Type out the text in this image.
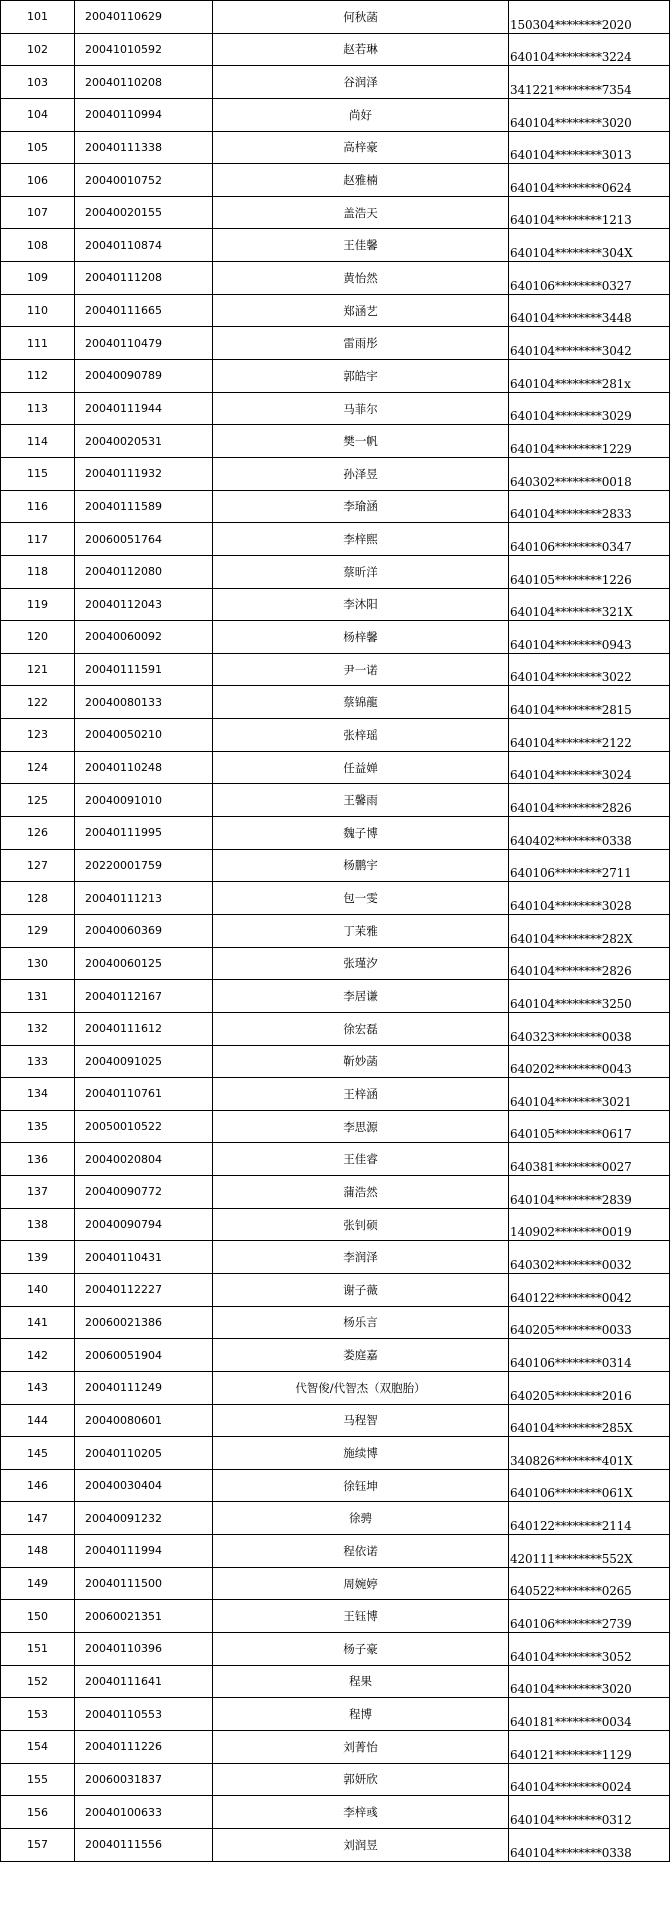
101	20040110629	何秋菡	150304********2020
102	20041010592	赵若琳	640104********3224
103	20040110208	谷润泽	341221********7354
104	20040110994	尚好	640104********3020
105	20040111338	高梓豪	640104********3013
106	20040010752	赵雅楠	640104********0624
107	20040020155	盖浩天	640104********1213
108	20040110874	王佳馨	640104********304X
109	20040111208	黄怡然	640106********0327
110	20040111665	郑涵艺	640104********3448
111	20040110479	雷雨彤	640104********3042
112	20040090789	郭皓宇	640104********281x
113	20040111944	马菲尔	640104********3029
114	20040020531	樊一帆	640104********1229
115	20040111932	孙泽昱	640302********0018
116	20040111589	李瑜涵	640104********2833
117	20060051764	李梓熙	640106********0347
118	20040112080	蔡昕洋	640105********1226
119	20040112043	李沐阳	640104********321X
120	20040060092	杨梓馨	640104********0943
121	20040111591	尹一诺	640104********3022
122	20040080133	蔡锦龍	640104********2815
123	20040050210	张梓瑶	640104********2122
124	20040110248	任益婵	640104********3024
125	20040091010	王馨雨	640104********2826
126	20040111995	魏子博	640402********0338
127	20220001759	杨鹏宇	640106********2711
128	20040111213	包一雯	640104********3028
129	20040060369	丁茉雅	640104********282X
130	20040060125	张瑾汐	640104********2826
131	20040112167	李居谦	640104********3250
132	20040111612	徐宏磊	640323********0038
133	20040091025	靳妙菡	640202********0043
134	20040110761	王梓涵	640104********3021
135	20050010522	李思源	640105********0617
136	20040020804	王佳睿	640381********0027
137	20040090772	蒲浩然	640104********2839
138	20040090794	张钊硕	140902********0019
139	20040110431	李润泽	640302********0032
140	20040112227	谢子薇	640122********0042
141	20060021386	杨乐言	640205********0033
142	20060051904	娄庭嘉	640106********0314
143	20040111249	代智俊/代智杰（双胞胎）	640205********2016
144	20040080601	马程智	640104********285X
145	20040110205	施续博	340826********401X
146	20040030404	徐钰坤	640106********061X
147	20040091232	徐骋	640122********2114
148	20040111994	程依诺	420111********552X
149	20040111500	周婉婷	640522********0265
150	20060021351	王钰博	640106********2739
151	20040110396	杨子豪	640104********3052
152	20040111641	程果	640104********3020
153	20040110553	程博	640181********0034
154	20040111226	刘菁怡	640121********1129
155	20060031837	郭妍欣	640104********0024
156	20040100633	李梓彧	640104********0312
157	20040111556	刘润昱	640104********0338
